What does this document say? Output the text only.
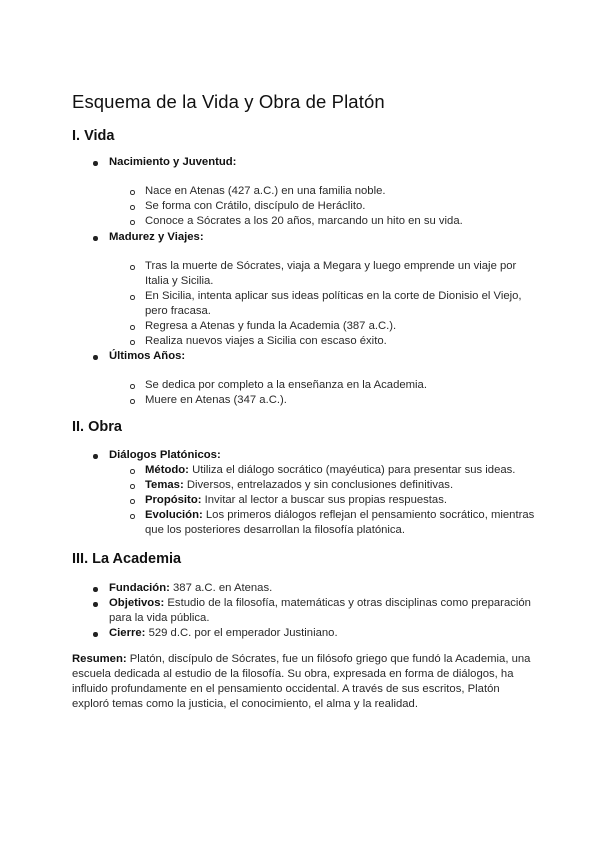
Esquema de la Vida y Obra de Platón
I. Vida

Nacimiento y Juventud:

Nace en Atenas (427 a.C.) en una familia noble.

Se forma con Crátilo, discípulo de Heráclito.

Conoce a Sócrates a los 20 años, marcando un hito en su vida.

Madurez y Viajes:

Tras la muerte de Sócrates, viaja a Megara y luego emprende un viaje por

Italia y Sicilia.

En Sicilia, intenta aplicar sus ideas políticas en la corte de Dionisio el Viejo,

pero fracasa.

Regresa a Atenas y funda la Academia (387 a.C.).

Realiza nuevos viajes a Sicilia con escaso éxito.

Últimos Años:

Se dedica por completo a la enseñanza en la Academia.

Muere en Atenas (347 a.C.).

II. Obra

Diálogos Platónicos:

Método: Utiliza el diálogo socrático (mayéutica) para presentar sus ideas.

Temas: Diversos, entrelazados y sin conclusiones definitivas.

Propósito: Invitar al lector a buscar sus propias respuestas.

Evolución: Los primeros diálogos reflejan el pensamiento socrático, mientras

que los posteriores desarrollan la filosofía platónica.

III. La Academia

Fundación: 387 a.C. en Atenas.

Objetivos: Estudio de la filosofía, matemáticas y otras disciplinas como preparación

para la vida pública.

Cierre: 529 d.C. por el emperador Justiniano.

Resumen: Platón, discípulo de Sócrates, fue un filósofo griego que fundó la Academia, una

escuela dedicada al estudio de la filosofía. Su obra, expresada en forma de diálogos, ha

influido profundamente en el pensamiento occidental. A través de sus escritos, Platón

exploró temas como la justicia, el conocimiento, el alma y la realidad.
